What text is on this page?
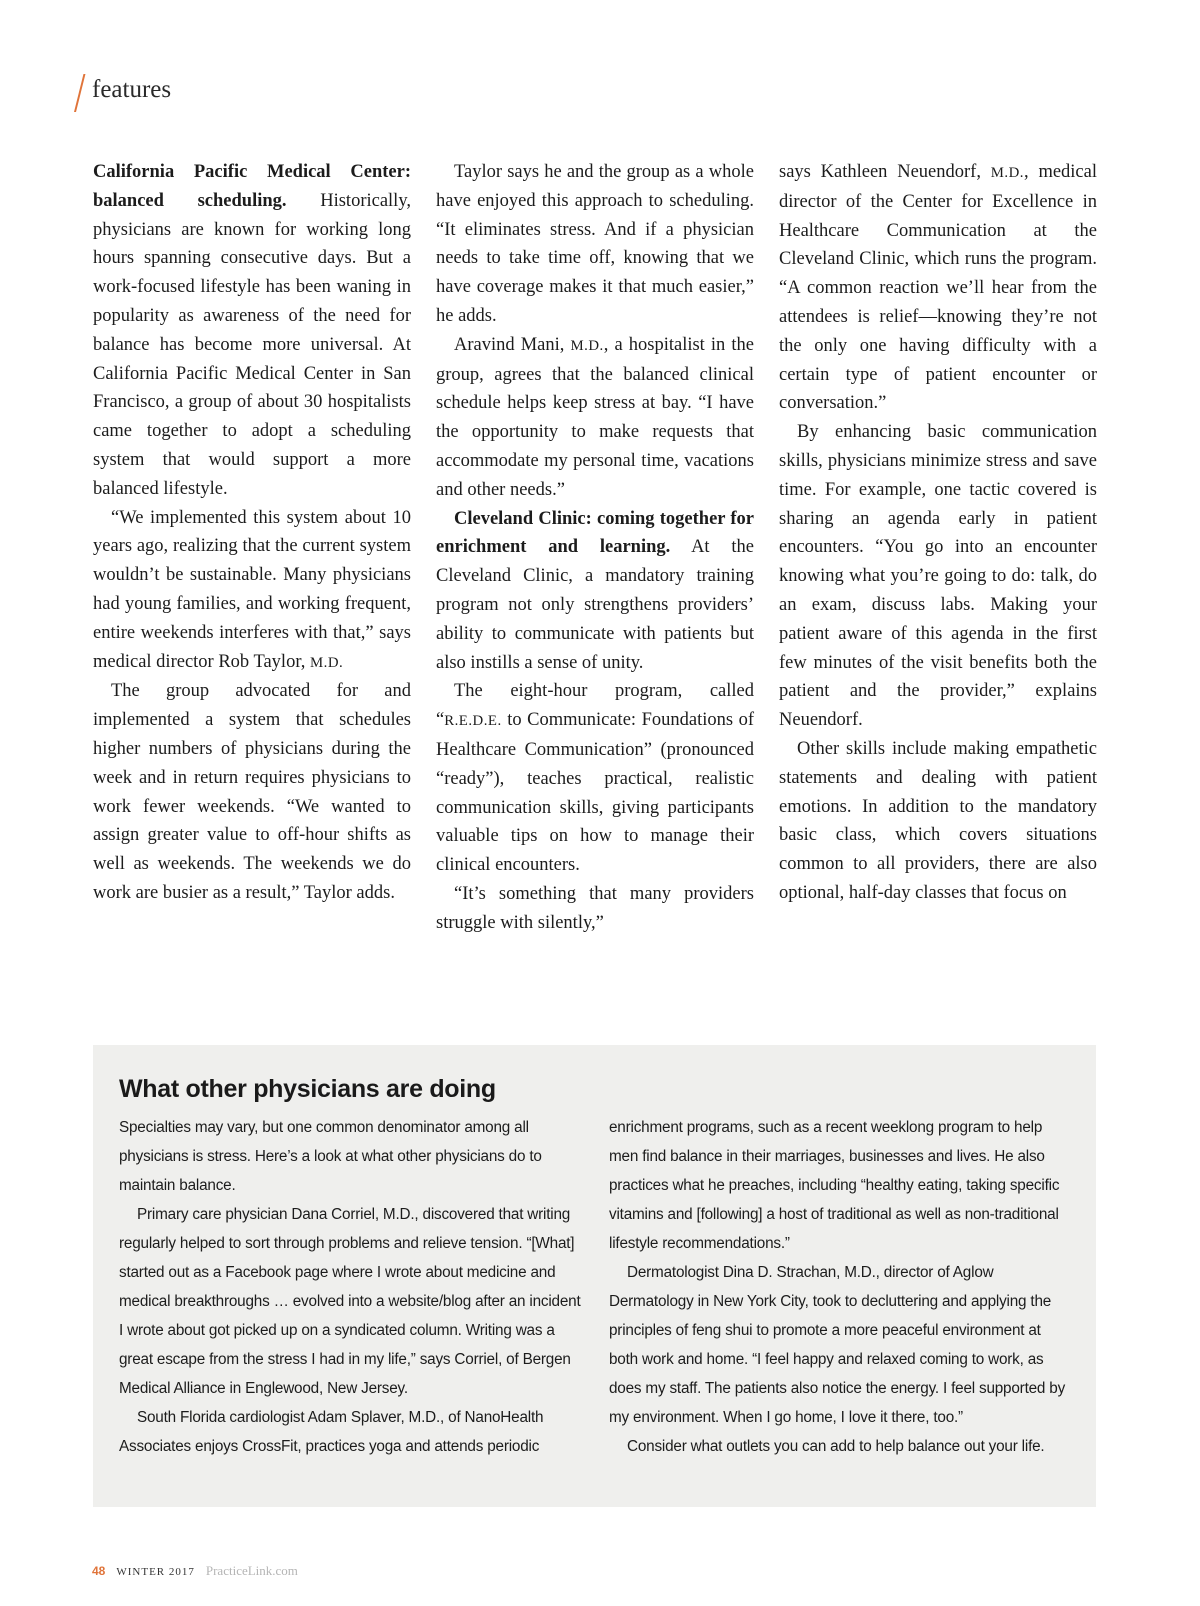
features

California Pacific Medical Center: balanced scheduling. Historically, physicians are known for working long hours spanning consecutive days. But a work-focused lifestyle has been waning in popularity as awareness of the need for balance has become more universal. At California Pacific Medical Center in San Francisco, a group of about 30 hospitalists came together to adopt a scheduling system that would support a more balanced lifestyle.

“We implemented this system about 10 years ago, realizing that the current system wouldn’t be sustainable. Many physicians had young families, and working frequent, entire weekends interferes with that,” says medical director Rob Taylor, M.D.

The group advocated for and implemented a system that schedules higher numbers of physicians during the week and in return requires physicians to work fewer weekends. “We wanted to assign greater value to off-hour shifts as well as weekends. The weekends we do work are busier as a result,” Taylor adds.

Taylor says he and the group as a whole have enjoyed this approach to scheduling. “It eliminates stress. And if a physician needs to take time off, knowing that we have coverage makes it that much easier,” he adds.

Aravind Mani, M.D., a hospitalist in the group, agrees that the balanced clinical schedule helps keep stress at bay. “I have the opportunity to make requests that accommodate my personal time, vacations and other needs.”

Cleveland Clinic: coming together for enrichment and learning. At the Cleveland Clinic, a mandatory training program not only strengthens providers’ ability to communicate with patients but also instills a sense of unity.

The eight-hour program, called “R.E.D.E. to Communicate: Foundations of Healthcare Communication” (pronounced “ready”), teaches practical, realistic communication skills, giving participants valuable tips on how to manage their clinical encounters.

“It’s something that many providers struggle with silently,”

says Kathleen Neuendorf, M.D., medical director of the Center for Excellence in Healthcare Communication at the Cleveland Clinic, which runs the program. “A common reaction we’ll hear from the attendees is relief—knowing they’re not the only one having difficulty with a certain type of patient encounter or conversation.”

By enhancing basic communication skills, physicians minimize stress and save time. For example, one tactic covered is sharing an agenda early in patient encounters. “You go into an encounter knowing what you’re going to do: talk, do an exam, discuss labs. Making your patient aware of this agenda in the first few minutes of the visit benefits both the patient and the provider,” explains Neuendorf.

Other skills include making empathetic statements and dealing with patient emotions. In addition to the mandatory basic class, which covers situations common to all providers, there are also optional, half-day classes that focus on

What other physicians are doing

Specialties may vary, but one common denominator among all physicians is stress. Here’s a look at what other physicians do to maintain balance.

Primary care physician Dana Corriel, M.D., discovered that writing regularly helped to sort through problems and relieve tension. “[What] started out as a Facebook page where I wrote about medicine and medical breakthroughs … evolved into a website/blog after an incident I wrote about got picked up on a syndicated column. Writing was a great escape from the stress I had in my life,” says Corriel, of Bergen Medical Alliance in Englewood, New Jersey.

South Florida cardiologist Adam Splaver, M.D., of NanoHealth Associates enjoys CrossFit, practices yoga and attends periodic

enrichment programs, such as a recent weeklong program to help men find balance in their marriages, businesses and lives. He also practices what he preaches, including “healthy eating, taking specific vitamins and [following] a host of traditional as well as non-traditional lifestyle recommendations.”

Dermatologist Dina D. Strachan, M.D., director of Aglow Dermatology in New York City, took to decluttering and applying the principles of feng shui to promote a more peaceful environment at both work and home. “I feel happy and relaxed coming to work, as does my staff. The patients also notice the energy. I feel supported by my environment. When I go home, I love it there, too.”

Consider what outlets you can add to help balance out your life.

48 WINTER 2017 PracticeLink.com
